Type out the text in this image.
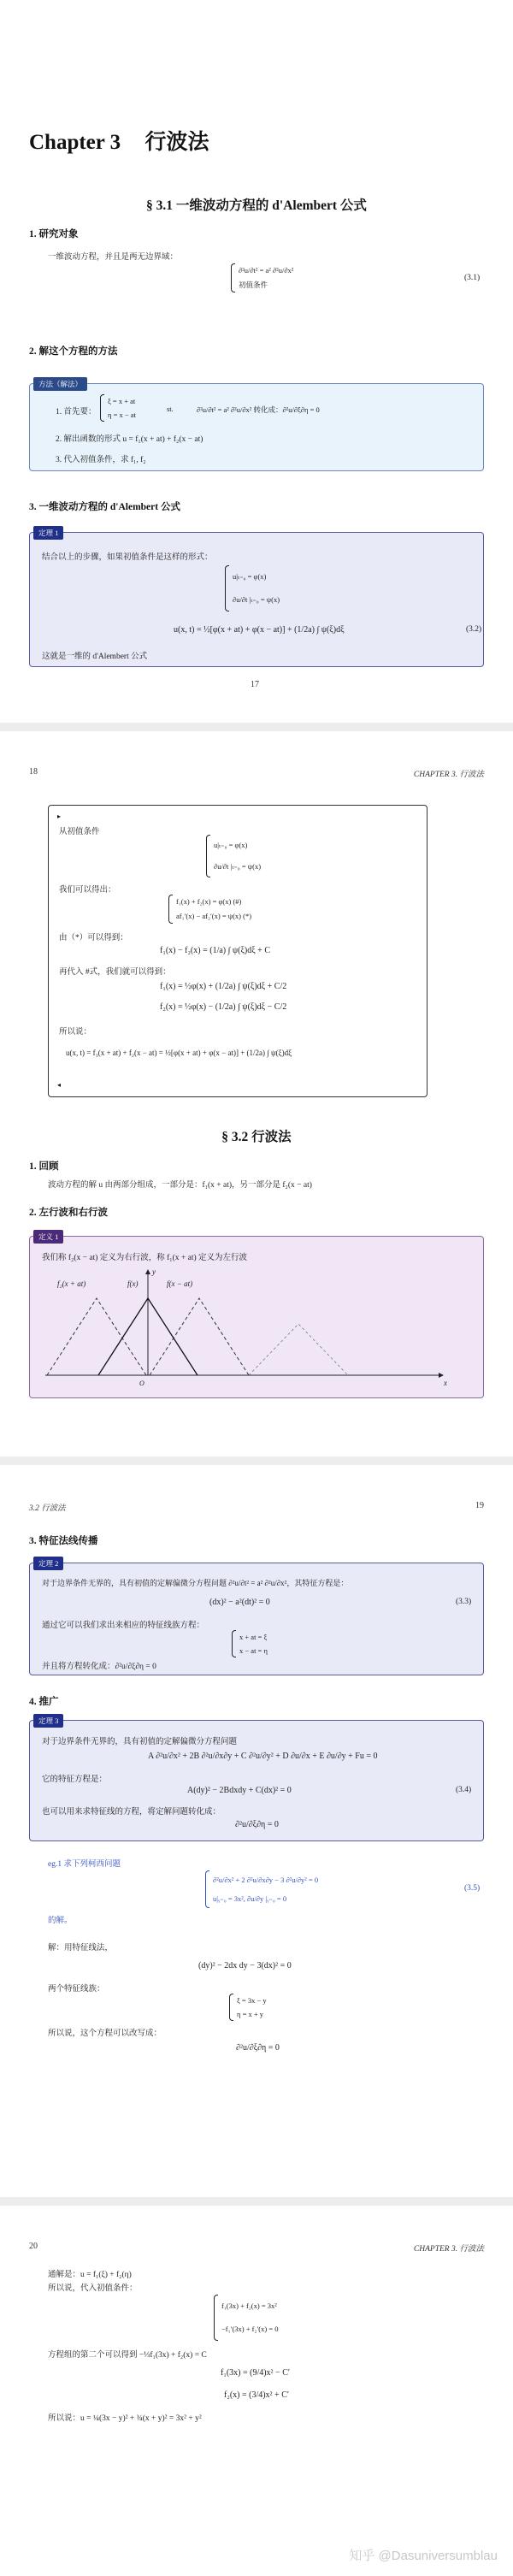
Chapter 3 行波法
§ 3.1 一维波动方程的 d'Alembert 公式
1. 研究对象
一维波动方程，并且是两无边界域：
∂²u/∂t² = a² ∂²u/∂x²
初值条件
(3.1)
2. 解这个方程的方法
方法（解法）
1. 首先要：
ξ = x + at
η = x − at
st.	∂²u/∂t² = a² ∂²u/∂x² 转化成：∂²u/∂ξ∂η = 0
2. 解出函数的形式 u = f₁(x + at) + f₂(x − at)
3. 代入初值条件，求 f₁, f₂
3. 一维波动方程的 d'Alembert 公式
定理 1
结合以上的步骤，如果初值条件是这样的形式：
u|ₜ₌₀ = φ(x)
∂u/∂t |ₜ₌₀ = ψ(x)
u(x, t) = ½[φ(x + at) + φ(x − at)] + (1/2a) ∫ ψ(ξ)dξ	(3.2)
这就是一维的 d'Alembert 公式
17
18	CHAPTER 3. 行波法
▸
从初值条件
u|ₜ₌₀ = φ(x)
∂u/∂t |ₜ₌₀ = ψ(x)
我们可以得出：
f₁(x) + f₂(x) = φ(x) (#)
af₁′(x) − af₂′(x) = ψ(x) (*)
由（*）可以得到：
f₁(x) − f₂(x) = (1/a) ∫ ψ(ξ)dξ + C
再代入 #式，我们就可以得到：
f₁(x) = ½φ(x) + (1/2a) ∫ ψ(ξ)dξ + C/2
f₂(x) = ½φ(x) − (1/2a) ∫ ψ(ξ)dξ − C/2
所以说：
u(x, t) = f₁(x + at) + f₂(x − at) = ½[φ(x + at) + φ(x − at)] + (1/2a) ∫ ψ(ξ)dξ
◂
§ 3.2 行波法
1. 回顾
波动方程的解 u 由两部分组成，一部分是：f₁(x + at)，另一部分是 f₂(x − at)
2. 左行波和右行波
定义 1
我们称 f₂(x − at) 定义为右行波，称 f₁(x + at) 定义为左行波
f₂(x + at)	f(x)	f(x − at)
y
x
O
3.2 行波法	19
3. 特征法线传播
定理 2
对于边界条件无界的，具有初值的定解偏微分方程问题 ∂²u/∂t² = a² ∂²u/∂x²，其特征方程是：
(dx)² − a²(dt)² = 0	(3.3)
通过它可以我们求出来相应的特征线族方程：
x + at = ξ
x − at = η
并且将方程转化成：∂²u/∂ξ∂η = 0
4. 推广
定理 3
对于边界条件无界的，具有初值的定解偏微分方程问题
A ∂²u/∂x² + 2B ∂²u/∂x∂y + C ∂²u/∂y² + D ∂u/∂x + E ∂u/∂y + Fu = 0
它的特征方程是：
A(dy)² − 2Bdxdy + C(dx)² = 0	(3.4)
也可以用来求特征线的方程，将定解问题转化成：
∂²u/∂ξ∂η = 0
eg.1 求下列柯西问题
∂²u/∂x² + 2 ∂²u/∂x∂y − 3 ∂²u/∂y² = 0
u|ᵧ₌₀ = 3x², ∂u/∂y |ᵧ₌₀ = 0
(3.5)
的解。
解：用特征线法，
(dy)² − 2dx dy − 3(dx)² = 0
两个特征线族：
ξ = 3x − y
η = x + y
所以说，这个方程可以改写成：
∂²u/∂ξ∂η = 0
20	CHAPTER 3. 行波法
通解是：u = f₁(ξ) + f₂(η)
所以说，代入初值条件：
f₁(3x) + f₂(x) = 3x²
−f₁′(3x) + f₂′(x) = 0
方程组的第二个可以得到 −⅓f₁(3x) + f₂(x) = C
f₁(3x) = (9/4)x² − C′
f₂(x) = (3/4)x² + C′
所以说：u = ¼(3x − y)² + ¾(x + y)² = 3x² + y²
知乎 @Dasuniversumblau
